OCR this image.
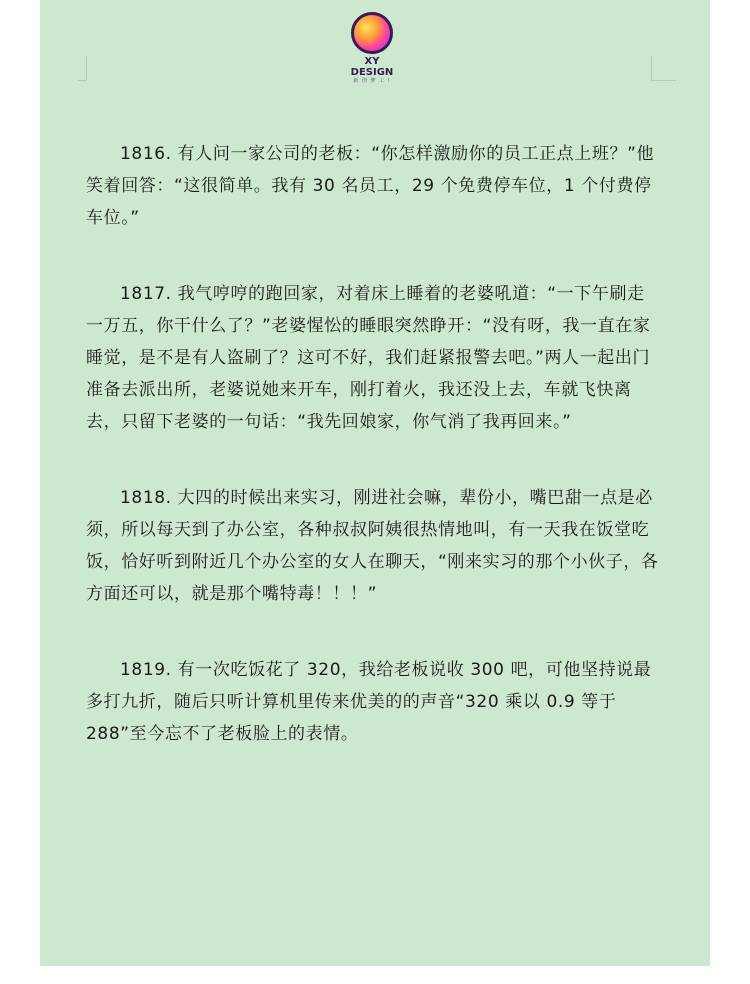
XY DESIGN
新 创 梦 工 !

1816. 有人问一家公司的老板：“你怎样激励你的员工正点上班？”他笑着回答：“这很简单。我有 30 名员工，29 个免费停车位，1 个付费停车位。”

1817. 我气哼哼的跑回家，对着床上睡着的老婆吼道：“一下午刷走一万五，你干什么了？”老婆惺忪的睡眼突然睁开：“没有呀，我一直在家睡觉，是不是有人盗刷了？这可不好，我们赶紧报警去吧。”两人一起出门准备去派出所，老婆说她来开车，刚打着火，我还没上去，车就飞快离去，只留下老婆的一句话：“我先回娘家，你气消了我再回来。”

1818. 大四的时候出来实习，刚进社会嘛，辈份小，嘴巴甜一点是必须，所以每天到了办公室，各种叔叔阿姨很热情地叫，有一天我在饭堂吃饭，恰好听到附近几个办公室的女人在聊天，“刚来实习的那个小伙子，各方面还可以，就是那个嘴特毒！！！”

1819. 有一次吃饭花了 320，我给老板说收 300 吧，可他坚持说最多打九折，随后只听计算机里传来优美的的声音“320 乘以 0.9 等于 288”至今忘不了老板脸上的表情。
